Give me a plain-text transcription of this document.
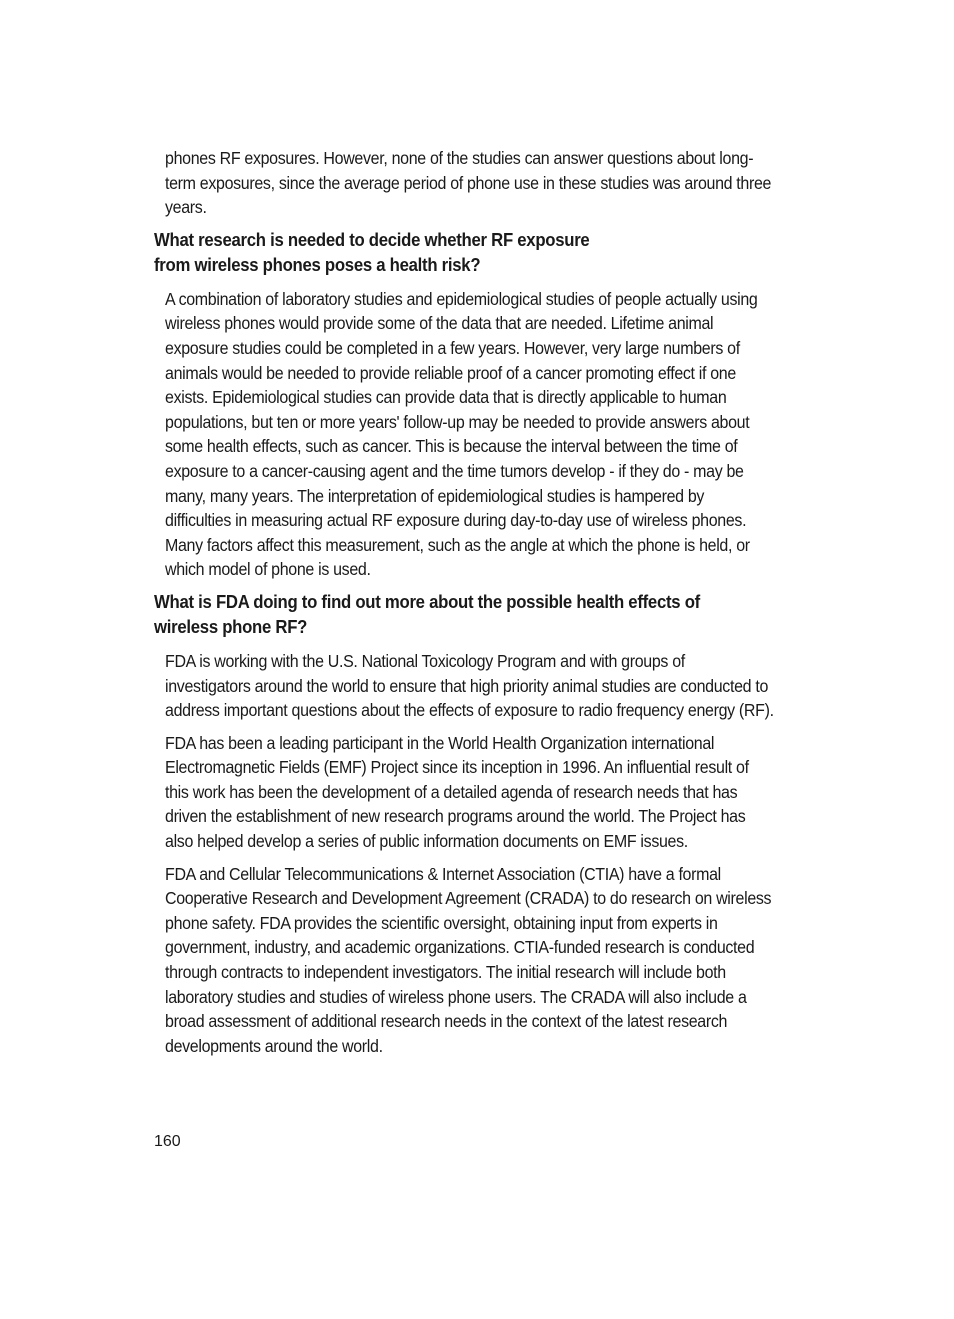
phones RF exposures. However, none of the studies can answer questions about long-term exposures, since the average period of phone use in these studies was around three years.

What research is needed to decide whether RF exposure
from wireless phones poses a health risk?

A combination of laboratory studies and epidemiological studies of people actually using wireless phones would provide some of the data that are needed. Lifetime animal exposure studies could be completed in a few years. However, very large numbers of animals would be needed to provide reliable proof of a cancer promoting effect if one exists. Epidemiological studies can provide data that is directly applicable to human populations, but ten or more years' follow-up may be needed to provide answers about some health effects, such as cancer. This is because the interval between the time of exposure to a cancer-causing agent and the time tumors develop - if they do - may be many, many years. The interpretation of epidemiological studies is hampered by difficulties in measuring actual RF exposure during day-to-day use of wireless phones. Many factors affect this measurement, such as the angle at which the phone is held, or which model of phone is used.

What is FDA doing to find out more about the possible health effects of
wireless phone RF?

FDA is working with the U.S. National Toxicology Program and with groups of investigators around the world to ensure that high priority animal studies are conducted to address important questions about the effects of exposure to radio frequency energy (RF).

FDA has been a leading participant in the World Health Organization international Electromagnetic Fields (EMF) Project since its inception in 1996. An influential result of this work has been the development of a detailed agenda of research needs that has driven the establishment of new research programs around the world. The Project has also helped develop a series of public information documents on EMF issues.

FDA and Cellular Telecommunications & Internet Association (CTIA) have a formal Cooperative Research and Development Agreement (CRADA) to do research on wireless phone safety. FDA provides the scientific oversight, obtaining input from experts in government, industry, and academic organizations. CTIA-funded research is conducted through contracts to independent investigators. The initial research will include both laboratory studies and studies of wireless phone users. The CRADA will also include a broad assessment of additional research needs in the context of the latest research developments around the world.

160
